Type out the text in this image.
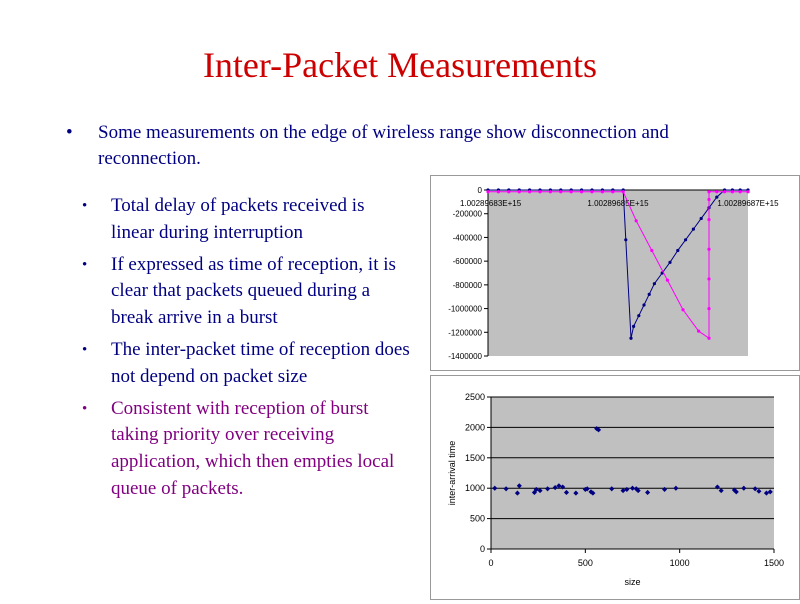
Inter-Packet Measurements
• Some measurements on the edge of wireless range show disconnection and reconnection.
• Total delay of packets received is linear during interruption
• If expressed as time of reception, it is clear that packets queued during a break arrive in a burst
• The inter-packet time of reception does not depend on packet size
• Consistent with reception of burst taking priority over receiving application, which then empties local queue of packets.
0
-200000
-400000
-600000
-800000
-1000000
-1200000
-1400000
1.00289683E+15	1.00289685E+15	1.00289687E+15
0
500
1000
1500
2000
2500
0	500	1000	1500
size
inter-arrival time
